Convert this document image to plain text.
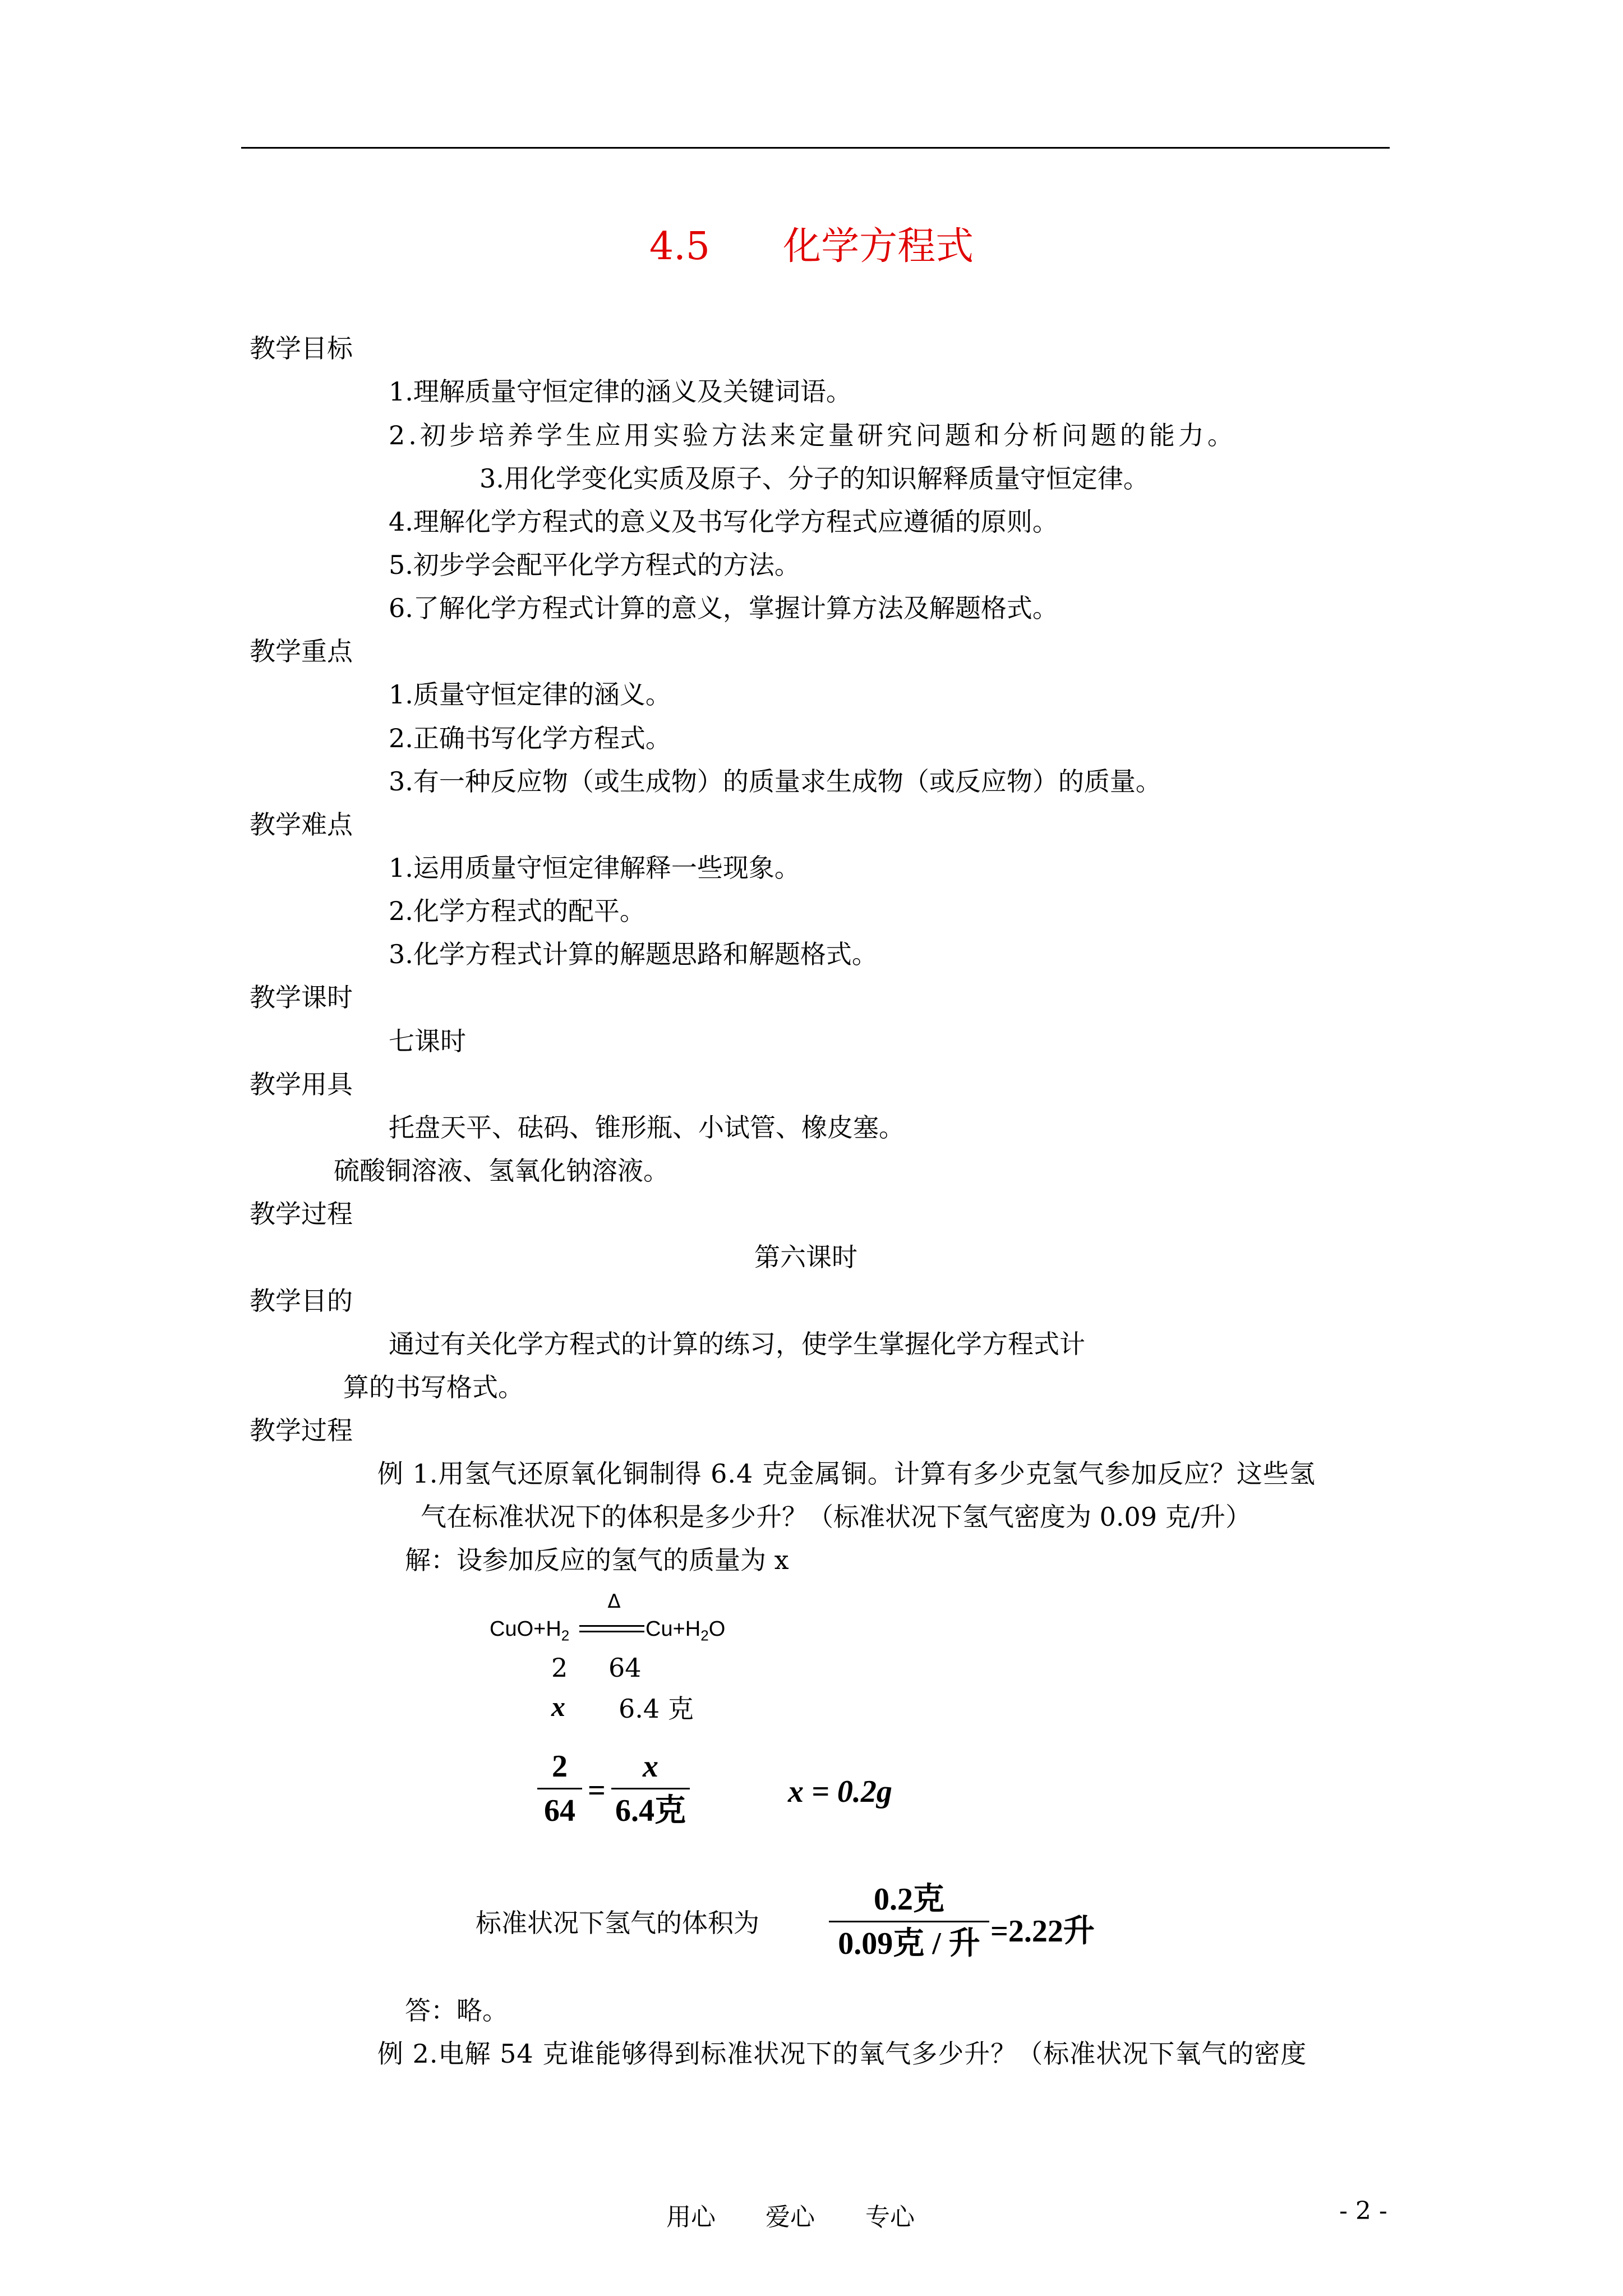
4.5 化学方程式
教学目标
1.理解质量守恒定律的涵义及关键词语。
2.初步培养学生应用实验方法来定量研究问题和分析问题的能力。
3.用化学变化实质及原子、分子的知识解释质量守恒定律。
4.理解化学方程式的意义及书写化学方程式应遵循的原则。
5.初步学会配平化学方程式的方法。
6.了解化学方程式计算的意义，掌握计算方法及解题格式。
教学重点
1.质量守恒定律的涵义。
2.正确书写化学方程式。
3.有一种反应物（或生成物）的质量求生成物（或反应物）的质量。
教学难点
1.运用质量守恒定律解释一些现象。
2.化学方程式的配平。
3.化学方程式计算的解题思路和解题格式。
教学课时
七课时
教学用具
托盘天平、砝码、锥形瓶、小试管、橡皮塞。
硫酸铜溶液、氢氧化钠溶液。
教学过程
第六课时
教学目的
通过有关化学方程式的计算的练习，使学生掌握化学方程式计
算的书写格式。
教学过程
例 1.用氢气还原氧化铜制得 6.4 克金属铜。计算有多少克氢气参加反应？这些氢
气在标准状况下的体积是多少升？（标准状况下氢气密度为 0.09 克/升）
解：设参加反应的氢气的质量为 x
$CuO+H_2$
Δ
$Cu+H_2O$
2 64
x 6.4 克
2
64
=
x
6.4克
x = 0.2g
标准状况下氢气的体积为
0.2克
0.09克 / 升 =2.22升
答：略。
例 2.电解 54 克谁能够得到标准状况下的氧气多少升？（标准状况下氧气的密度
用心 爱心 专心	- 2 -
